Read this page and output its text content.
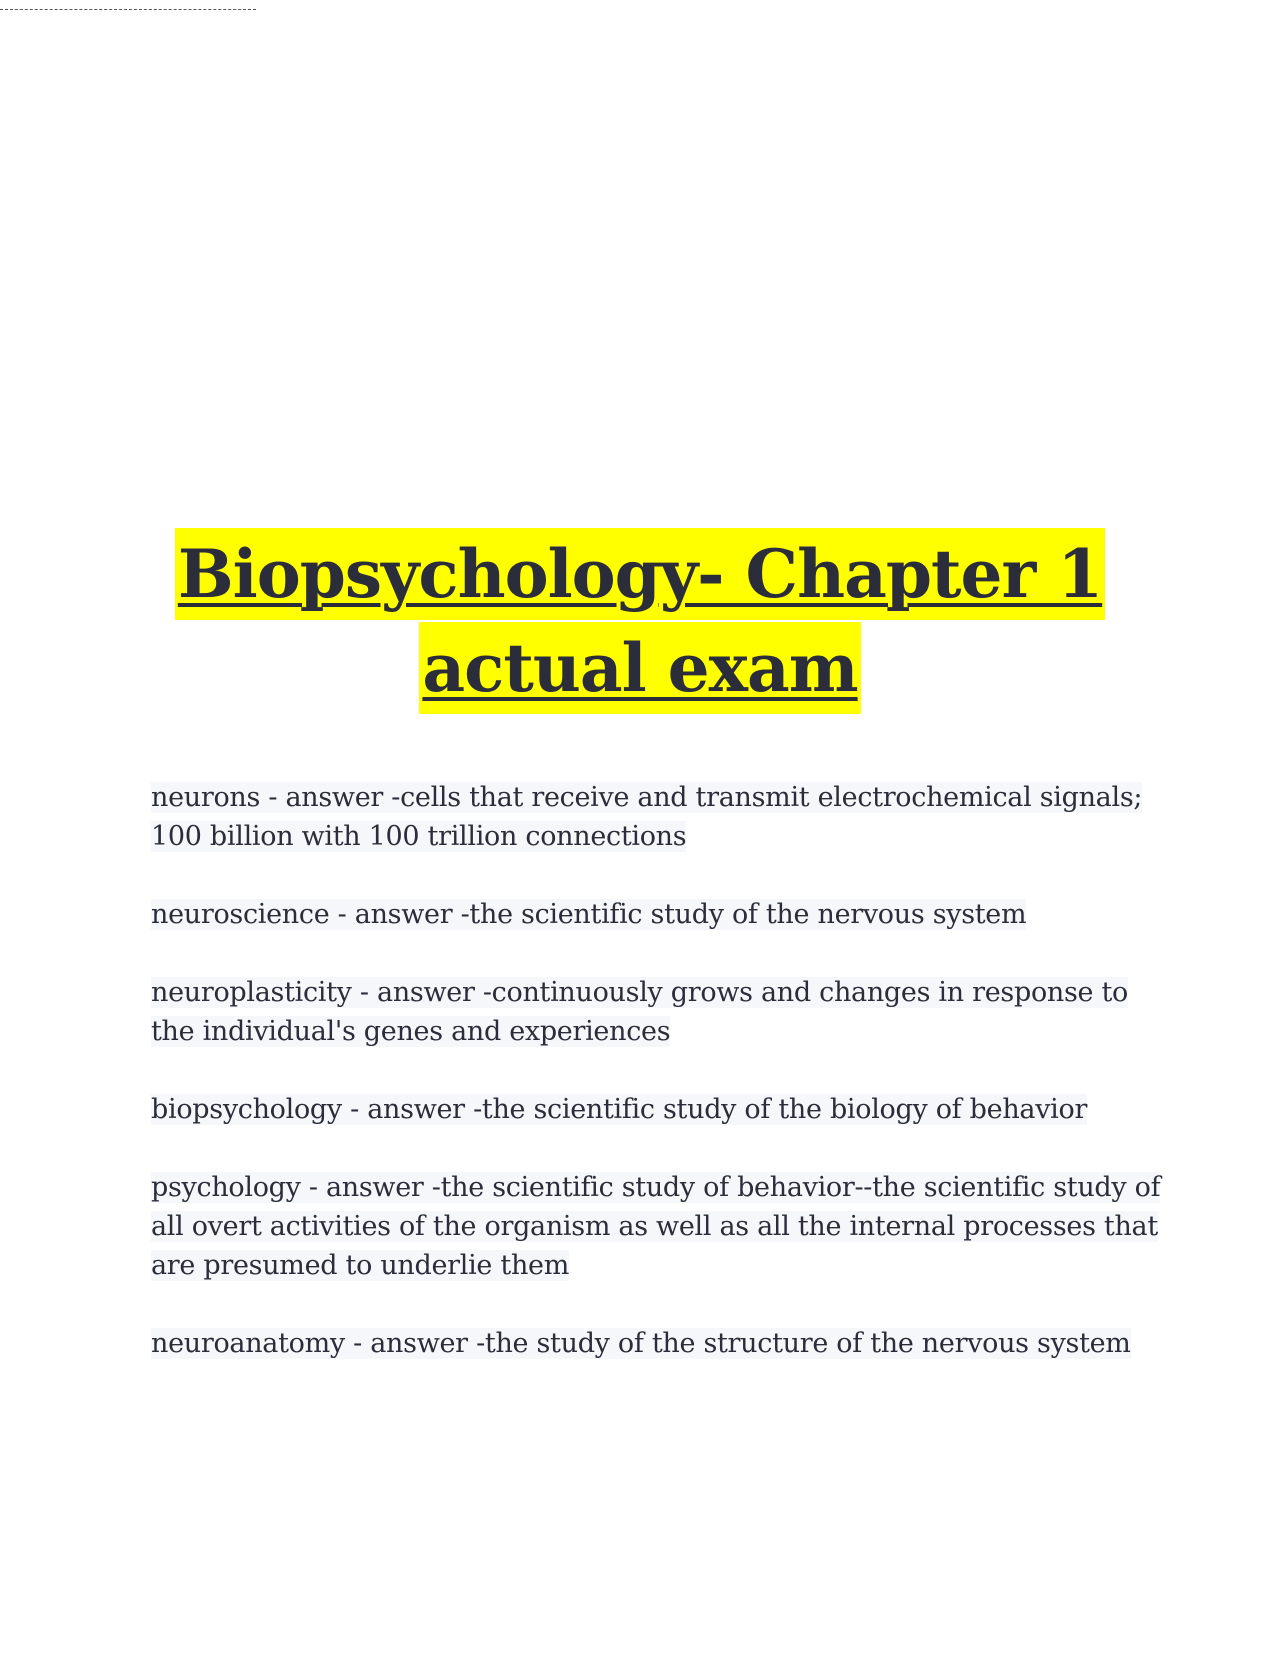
Biopsychology- Chapter 1
actual exam

neurons - answer -cells that receive and transmit electrochemical signals; 100 billion with 100 trillion connections

neuroscience - answer -the scientific study of the nervous system

neuroplasticity - answer -continuously grows and changes in response to the individual's genes and experiences

biopsychology - answer -the scientific study of the biology of behavior

psychology - answer -the scientific study of behavior--the scientific study of all overt activities of the organism as well as all the internal processes that are presumed to underlie them

neuroanatomy - answer -the study of the structure of the nervous system
